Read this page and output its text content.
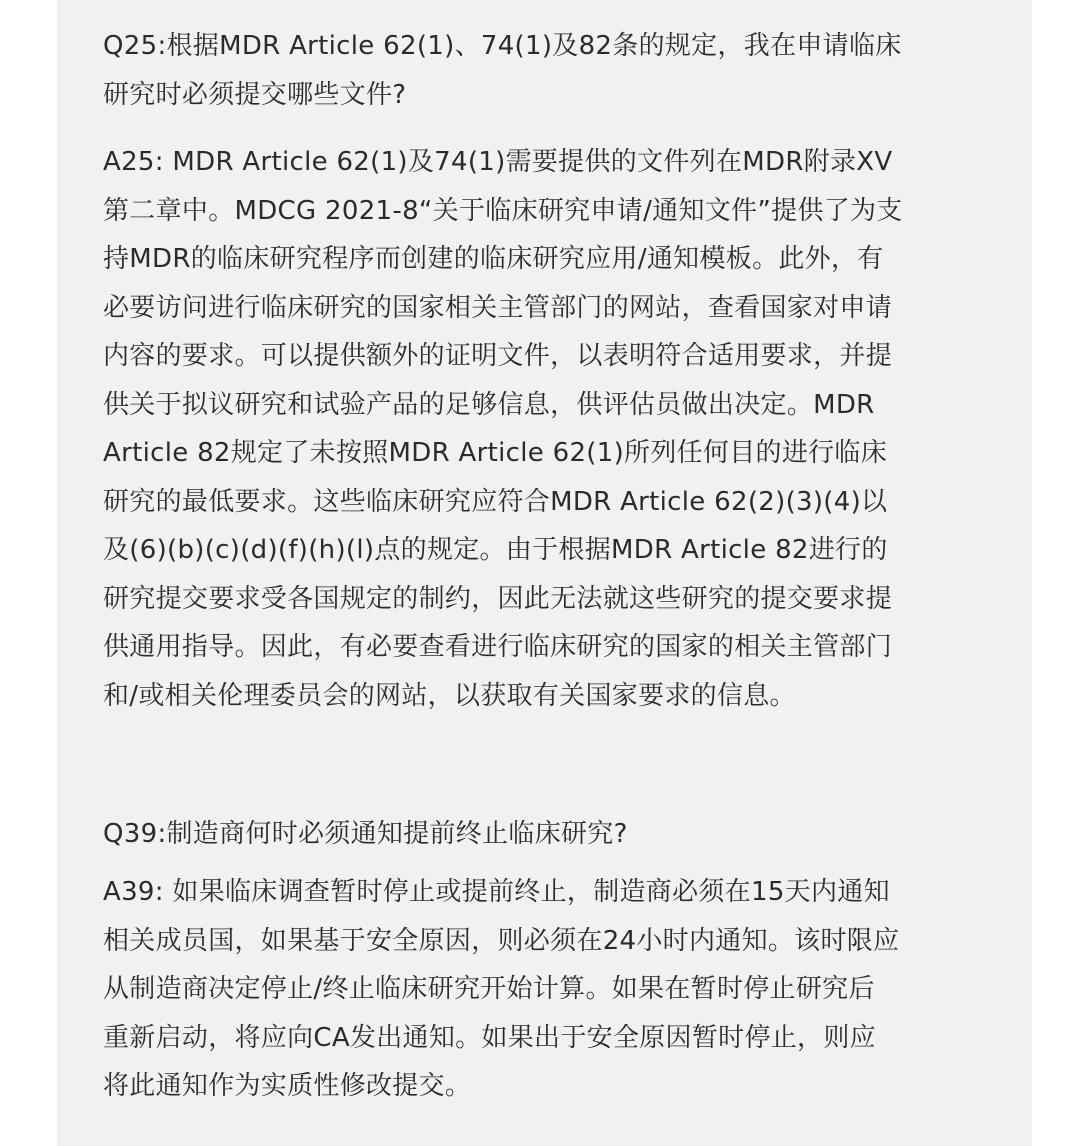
Q25:根据MDR Article 62(1)、74(1)及82条的规定，我在申请临床
研究时必须提交哪些文件?

A25: MDR Article 62(1)及74(1)需要提供的文件列在MDR附录XV
第二章中。MDCG 2021-8“关于临床研究申请/通知文件”提供了为支
持MDR的临床研究程序而创建的临床研究应用/通知模板。此外，有
必要访问进行临床研究的国家相关主管部门的网站，查看国家对申请
内容的要求。可以提供额外的证明文件，以表明符合适用要求，并提
供关于拟议研究和试验产品的足够信息，供评估员做出决定。MDR
Article 82规定了未按照MDR Article 62(1)所列任何目的进行临床
研究的最低要求。这些临床研究应符合MDR Article 62(2)(3)(4)以
及(6)(b)(c)(d)(f)(h)(l)点的规定。由于根据MDR Article 82进行的
研究提交要求受各国规定的制约，因此无法就这些研究的提交要求提
供通用指导。因此，有必要查看进行临床研究的国家的相关主管部门
和/或相关伦理委员会的网站，以获取有关国家要求的信息。

Q39:制造商何时必须通知提前终止临床研究?

A39: 如果临床调查暂时停止或提前终止，制造商必须在15天内通知
相关成员国，如果基于安全原因，则必须在24小时内通知。该时限应
从制造商决定停止/终止临床研究开始计算。如果在暂时停止研究后
重新启动，将应向CA发出通知。如果出于安全原因暂时停止，则应
将此通知作为实质性修改提交。
